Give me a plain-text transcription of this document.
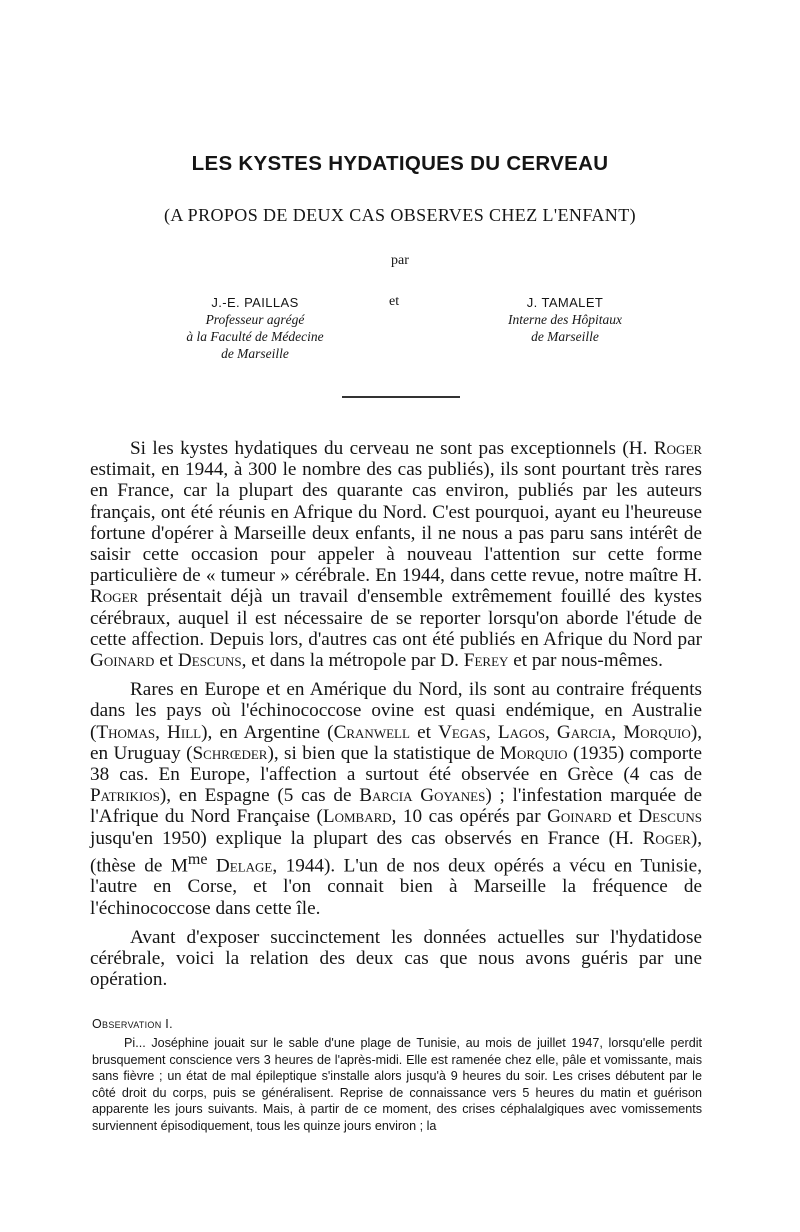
LES KYSTES HYDATIQUES DU CERVEAU
(A PROPOS DE DEUX CAS OBSERVES CHEZ L'ENFANT)
par
J.-E. PAILLAS
Professeur agrégé
à la Faculté de Médecine
de Marseille
et	J. TAMALET
Interne des Hôpitaux
de Marseille

Si les kystes hydatiques du cerveau ne sont pas exceptionnels (H. Roger estimait, en 1944, à 300 le nombre des cas publiés), ils sont pourtant très rares en France, car la plupart des quarante cas environ, publiés par les auteurs français, ont été réunis en Afrique du Nord. C'est pourquoi, ayant eu l'heureuse fortune d'opérer à Marseille deux enfants, il ne nous a pas paru sans intérêt de saisir cette occasion pour appeler à nouveau l'attention sur cette forme particulière de « tumeur » cérébrale. En 1944, dans cette revue, notre maître H. Roger présentait déjà un travail d'ensemble extrêmement fouillé des kystes cérébraux, auquel il est nécessaire de se reporter lorsqu'on aborde l'étude de cette affection. Depuis lors, d'autres cas ont été publiés en Afrique du Nord par Goinard et Descuns, et dans la métropole par D. Ferey et par nous-mêmes.

Rares en Europe et en Amérique du Nord, ils sont au contraire fréquents dans les pays où l'échinococcose ovine est quasi endémique, en Australie (Thomas, Hill), en Argentine (Cranwell et Vegas, Lagos, Garcia, Morquio), en Uruguay (Schrœder), si bien que la statistique de Morquio (1935) comporte 38 cas. En Europe, l'affection a surtout été observée en Grèce (4 cas de Patrikios), en Espagne (5 cas de Barcia Goyanes) ; l'infestation marquée de l'Afrique du Nord Française (Lombard, 10 cas opérés par Goinard et Descuns jusqu'en 1950) explique la plupart des cas observés en France (H. Roger), (thèse de $M^{me}$ Delage, 1944). L'un de nos deux opérés a vécu en Tunisie, l'autre en Corse, et l'on connait bien à Marseille la fréquence de l'échinococcose dans cette île.

Avant d'exposer succinctement les données actuelles sur l'hydatidose cérébrale, voici la relation des deux cas que nous avons guéris par une opération.

Observation I.

Pi... Joséphine jouait sur le sable d'une plage de Tunisie, au mois de juillet 1947, lorsqu'elle perdit brusquement conscience vers 3 heures de l'après-midi. Elle est ramenée chez elle, pâle et vomissante, mais sans fièvre ; un état de mal épileptique s'installe alors jusqu'à 9 heures du soir. Les crises débutent par le côté droit du corps, puis se généralisent. Reprise de connaissance vers 5 heures du matin et guérison apparente les jours suivants. Mais, à partir de ce moment, des crises céphalalgiques avec vomissements surviennent épisodiquement, tous les quinze jours environ ; la
